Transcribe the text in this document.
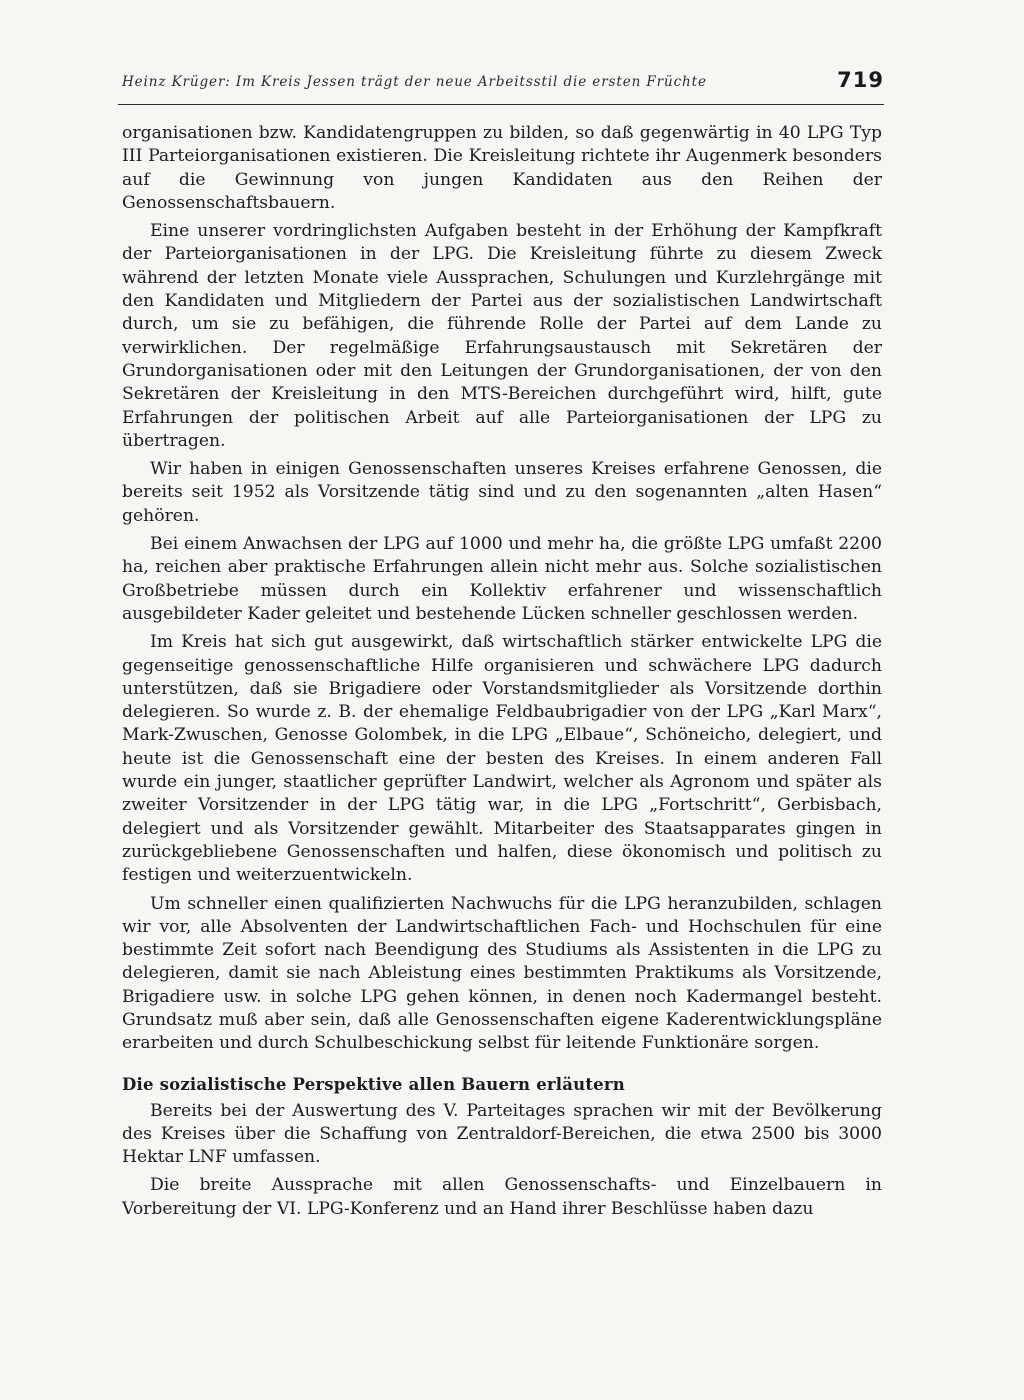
Heinz Krüger: Im Kreis Jessen trägt der neue Arbeitsstil die ersten Früchte	719

organisationen bzw. Kandidatengruppen zu bilden, so daß gegenwärtig in 40 LPG Typ III Parteiorganisationen existieren. Die Kreisleitung richtete ihr Augenmerk besonders auf die Gewinnung von jungen Kandidaten aus den Reihen der Genossenschaftsbauern.

Eine unserer vordringlichsten Aufgaben besteht in der Erhöhung der Kampfkraft der Parteiorganisationen in der LPG. Die Kreisleitung führte zu diesem Zweck während der letzten Monate viele Aussprachen, Schulungen und Kurzlehrgänge mit den Kandidaten und Mitgliedern der Partei aus der sozialistischen Landwirtschaft durch, um sie zu befähigen, die führende Rolle der Partei auf dem Lande zu verwirklichen. Der regelmäßige Erfahrungsaustausch mit Sekretären der Grundorganisationen oder mit den Leitungen der Grundorganisationen, der von den Sekretären der Kreisleitung in den MTS-Bereichen durchgeführt wird, hilft, gute Erfahrungen der politischen Arbeit auf alle Parteiorganisationen der LPG zu übertragen.

Wir haben in einigen Genossenschaften unseres Kreises erfahrene Genossen, die bereits seit 1952 als Vorsitzende tätig sind und zu den sogenannten „alten Hasen“ gehören.

Bei einem Anwachsen der LPG auf 1000 und mehr ha, die größte LPG umfaßt 2200 ha, reichen aber praktische Erfahrungen allein nicht mehr aus. Solche sozialistischen Großbetriebe müssen durch ein Kollektiv erfahrener und wissenschaftlich ausgebildeter Kader geleitet und bestehende Lücken schneller geschlossen werden.

Im Kreis hat sich gut ausgewirkt, daß wirtschaftlich stärker entwickelte LPG die gegenseitige genossenschaftliche Hilfe organisieren und schwächere LPG dadurch unterstützen, daß sie Brigadiere oder Vorstandsmitglieder als Vorsitzende dorthin delegieren. So wurde z. B. der ehemalige Feldbaubrigadier von der LPG „Karl Marx“, Mark-Zwuschen, Genosse Golombek, in die LPG „Elbaue“, Schöneicho, delegiert, und heute ist die Genossenschaft eine der besten des Kreises. In einem anderen Fall wurde ein junger, staatlicher geprüfter Landwirt, welcher als Agronom und später als zweiter Vorsitzender in der LPG tätig war, in die LPG „Fortschritt“, Gerbisbach, delegiert und als Vorsitzender gewählt. Mitarbeiter des Staatsapparates gingen in zurückgebliebene Genossenschaften und halfen, diese ökonomisch und politisch zu festigen und weiterzuentwickeln.

Um schneller einen qualifizierten Nachwuchs für die LPG heranzubilden, schlagen wir vor, alle Absolventen der Landwirtschaftlichen Fach- und Hochschulen für eine bestimmte Zeit sofort nach Beendigung des Studiums als Assistenten in die LPG zu delegieren, damit sie nach Ableistung eines bestimmten Praktikums als Vorsitzende, Brigadiere usw. in solche LPG gehen können, in denen noch Kadermangel besteht. Grundsatz muß aber sein, daß alle Genossenschaften eigene Kaderentwicklungspläne erarbeiten und durch Schulbeschickung selbst für leitende Funktionäre sorgen.

Die sozialistische Perspektive allen Bauern erläutern

Bereits bei der Auswertung des V. Parteitages sprachen wir mit der Bevölkerung des Kreises über die Schaffung von Zentraldorf-Bereichen, die etwa 2500 bis 3000 Hektar LNF umfassen.

Die breite Aussprache mit allen Genossenschafts- und Einzelbauern in Vorbereitung der VI. LPG-Konferenz und an Hand ihrer Beschlüsse haben dazu
